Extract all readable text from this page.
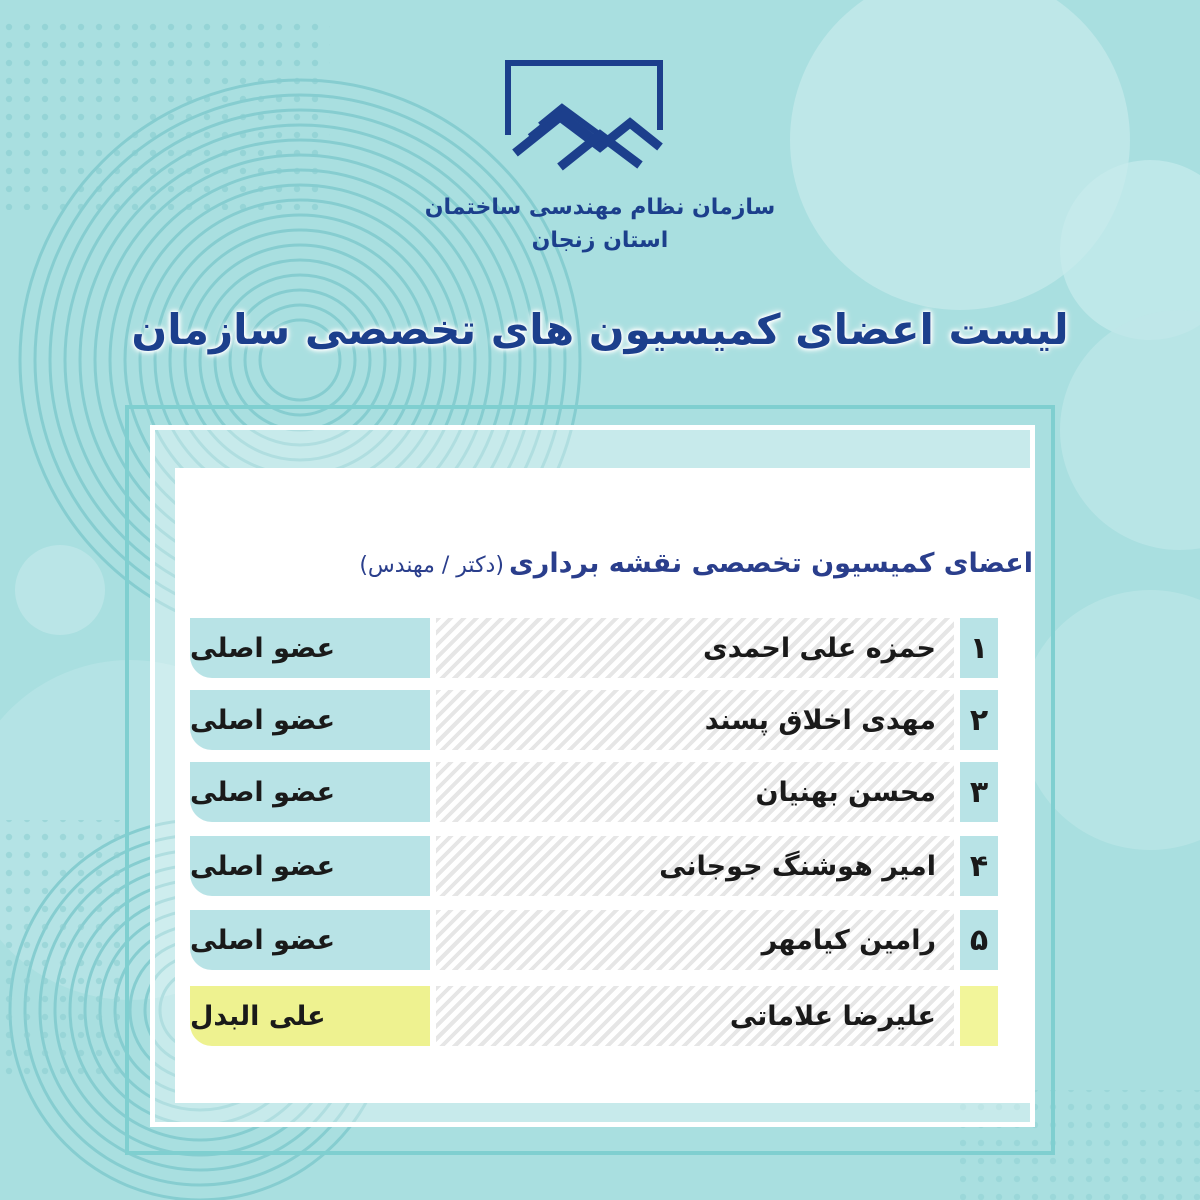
سازمان نظام مهندسی ساختمان
استان زنجان
لیست اعضای کمیسیون های تخصصی سازمان
اعضای کمیسیون تخصصی نقشه برداری (دکتر / مهندس)
۱
حمزه علی احمدی
عضو اصلی
۲
مهدی اخلاق پسند
عضو اصلی
۳
محسن بهنیان
عضو اصلی
۴
امیر هوشنگ جوجانی
عضو اصلی
۵
رامین کیامهر
عضو اصلی
علیرضا علاماتی
علی البدل
